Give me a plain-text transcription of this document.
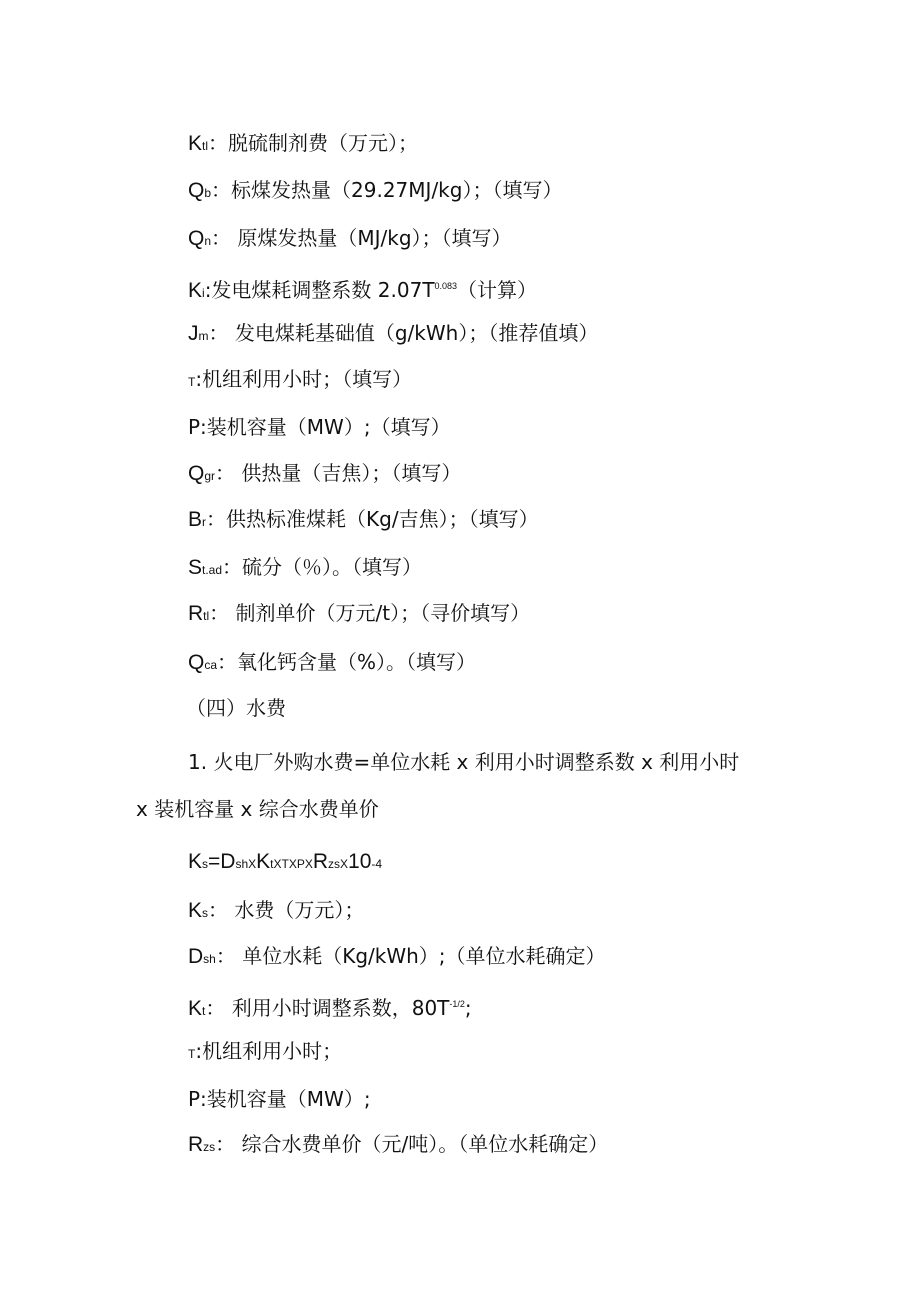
Ktl：脱硫制剂费（万元）；
Qb：标煤发热量（29.27MJ/kg）；（填写）
Qn： 原煤发热量（MJ/kg）；（填写）
Ki:发电煤耗调整系数 $2.07T^{0.083}$（计算）
Jm： 发电煤耗基础值（g/kWh）；（推荐值填）
T:机组利用小时；（填写）
P:装机容量（MW）;（填写）
Qgr： 供热量（吉焦）；（填写）
Br：供热标准煤耗（Kg/吉焦）；（填写）
St.ad：硫分（％）。（填写）
Rtl： 制剂单价（万元/t）；（寻价填写）
Qca：氧化钙含量（%）。（填写）
（四）水费
1. 火电厂外购水费=单位水耗 x 利用小时调整系数 x 利用小时
x 装机容量 x 综合水费单价
Ks=DshXKtXTXPXRzsX10-4
Ks： 水费（万元）；
Dsh： 单位水耗（Kg/kWh）;（单位水耗确定）
Kt： 利用小时调整系数，$80T^{-1/2}$;
T:机组利用小时；
P:装机容量（MW）;
Rzs： 综合水费单价（元/吨）。（单位水耗确定）
